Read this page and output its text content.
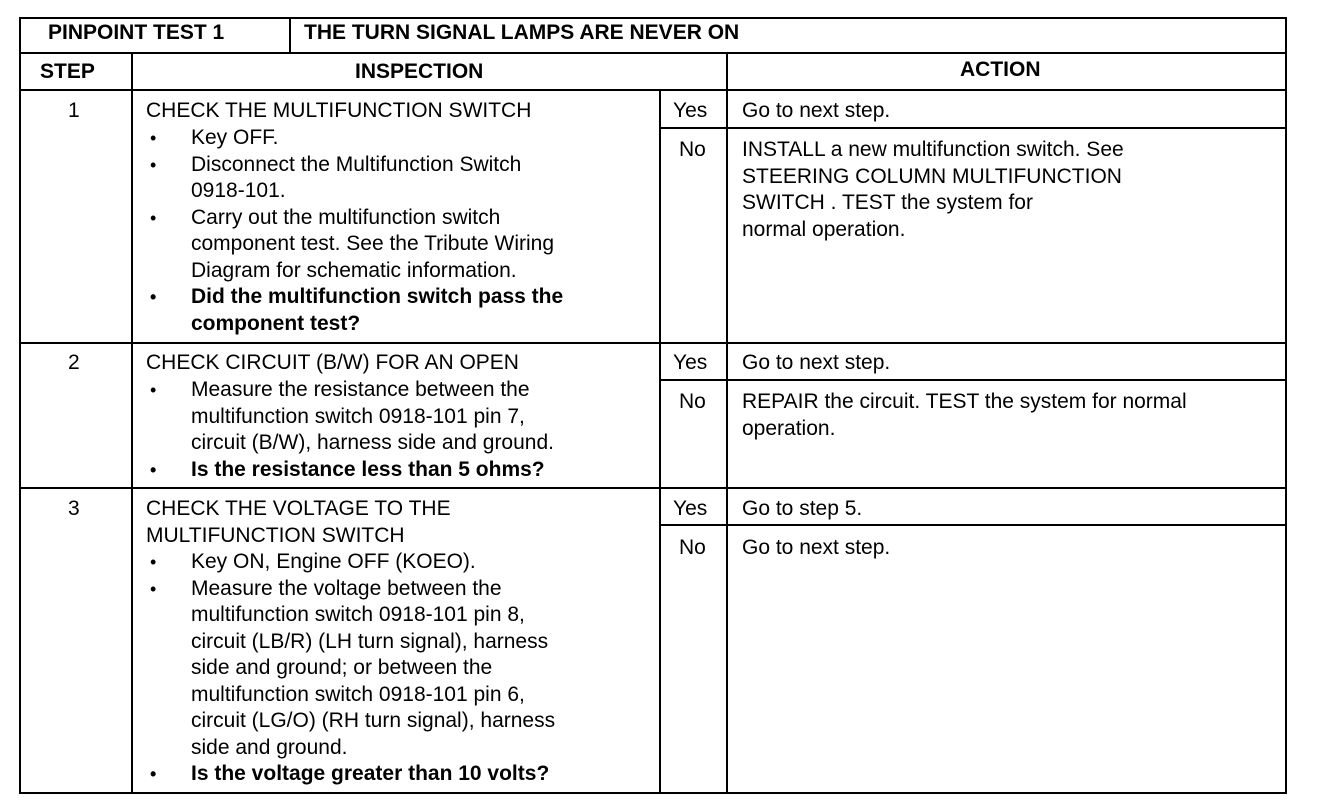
PINPOINT TEST 1	THE TURN SIGNAL LAMPS ARE NEVER ON
STEP	INSPECTION	ACTION
1	CHECK THE MULTIFUNCTION SWITCH
• Key OFF.
• Disconnect the Multifunction Switch
0918-101.
• Carry out the multifunction switch
component test. See the Tribute Wiring
Diagram for schematic information.
• Did the multifunction switch pass the
component test?
Yes Go to next step.
No INSTALL a new multifunction switch. See
STEERING COLUMN MULTIFUNCTION
SWITCH . TEST the system for
normal operation.
2	CHECK CIRCUIT (B/W) FOR AN OPEN
• Measure the resistance between the
multifunction switch 0918-101 pin 7,
circuit (B/W), harness side and ground.
• Is the resistance less than 5 ohms?
Yes Go to next step.
No REPAIR the circuit. TEST the system for normal
operation.
3	CHECK THE VOLTAGE TO THE
MULTIFUNCTION SWITCH
• Key ON, Engine OFF (KOEO).
• Measure the voltage between the
multifunction switch 0918-101 pin 8,
circuit (LB/R) (LH turn signal), harness
side and ground; or between the
multifunction switch 0918-101 pin 6,
circuit (LG/O) (RH turn signal), harness
side and ground.
• Is the voltage greater than 10 volts?
Yes Go to step 5.
No Go to next step.
